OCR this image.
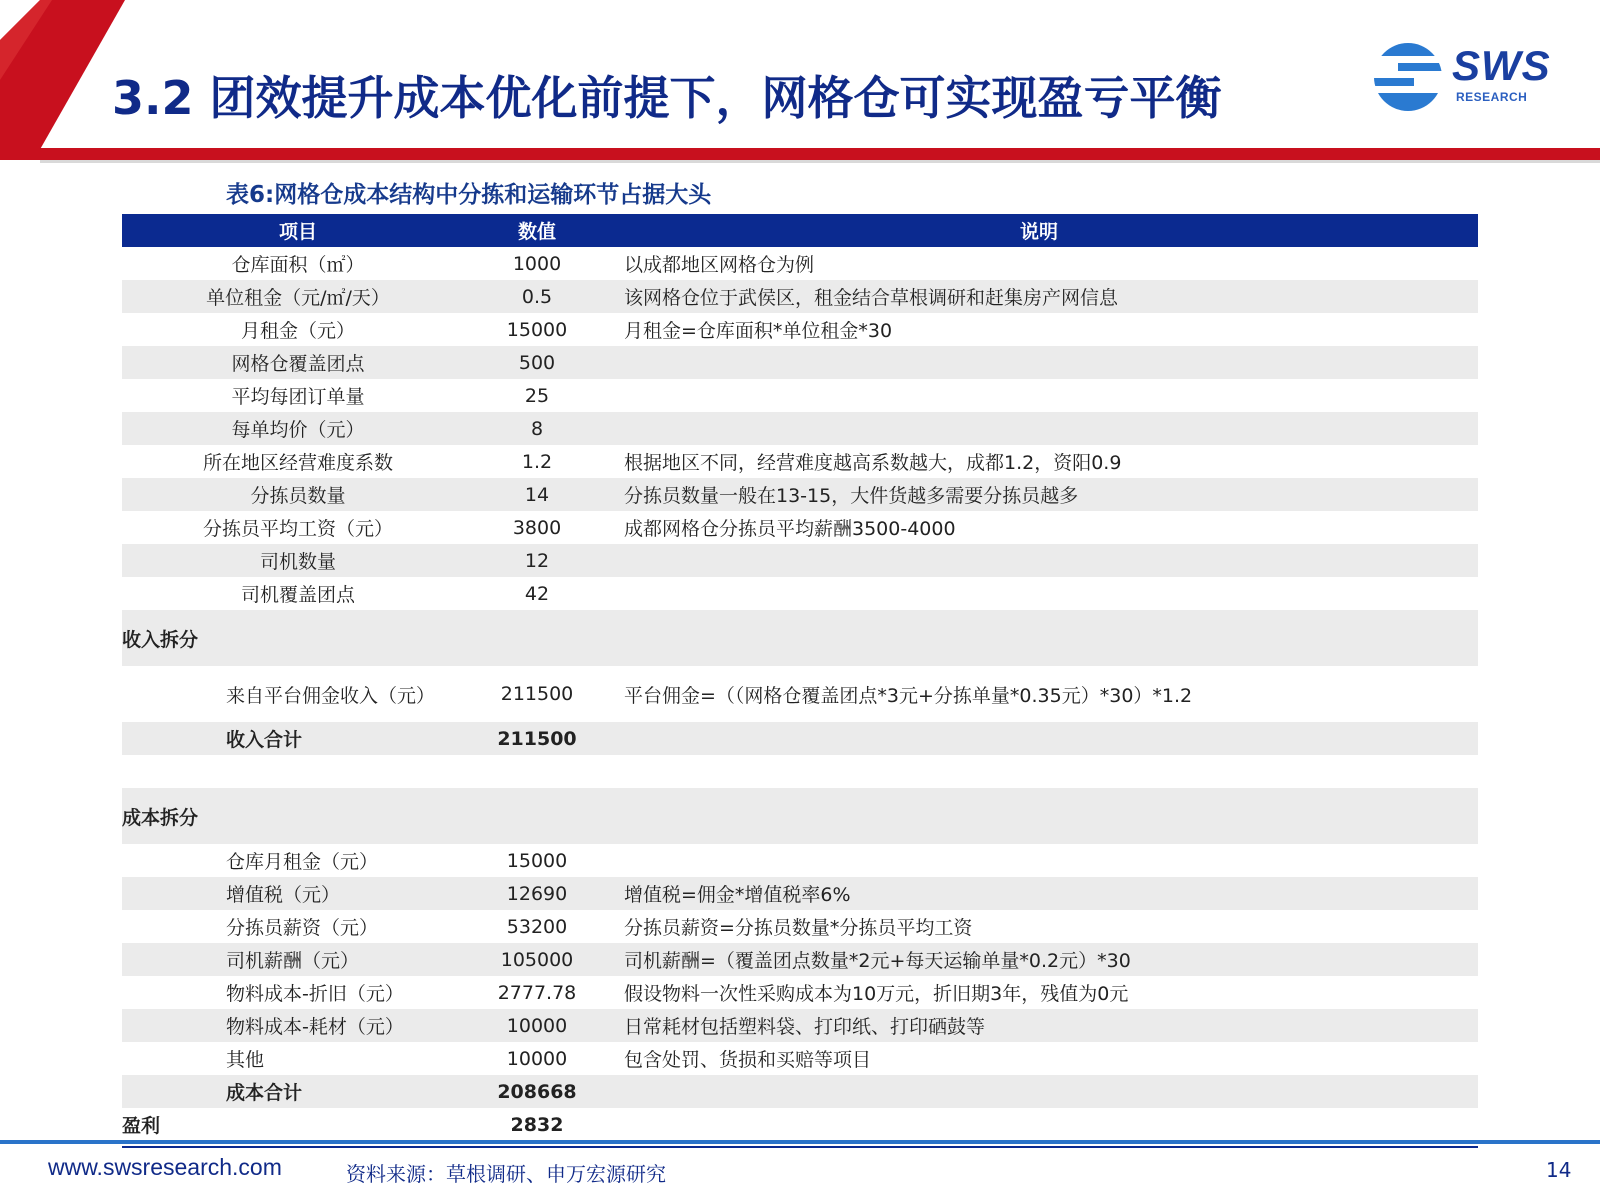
3.2 团效提升成本优化前提下，网格仓可实现盈亏平衡
SWS
RESEARCH
表6:网格仓成本结构中分拣和运输环节占据大头
项目	数值	说明
仓库面积（㎡）	1000	以成都地区网格仓为例
单位租金（元/㎡/天）	0.5	该网格仓位于武侯区，租金结合草根调研和赶集房产网信息
月租金（元）	15000	月租金=仓库面积*单位租金*30
网格仓覆盖团点	500
平均每团订单量	25
每单均价（元）	8
所在地区经营难度系数	1.2	根据地区不同，经营难度越高系数越大，成都1.2，资阳0.9
分拣员数量	14	分拣员数量一般在13-15，大件货越多需要分拣员越多
分拣员平均工资（元）	3800	成都网格仓分拣员平均薪酬3500-4000
司机数量	12
司机覆盖团点	42
收入拆分
来自平台佣金收入（元）	211500	平台佣金=（（网格仓覆盖团点*3元+分拣单量*0.35元）*30）*1.2
收入合计	211500
成本拆分
仓库月租金（元）	15000
增值税（元）	12690	增值税=佣金*增值税率6%
分拣员薪资（元）	53200	分拣员薪资=分拣员数量*分拣员平均工资
司机薪酬（元）	105000	司机薪酬=（覆盖团点数量*2元+每天运输单量*0.2元）*30
物料成本-折旧（元）	2777.78	假设物料一次性采购成本为10万元，折旧期3年，残值为0元
物料成本-耗材（元）	10000	日常耗材包括塑料袋、打印纸、打印硒鼓等
其他	10000	包含处罚、货损和买赔等项目
成本合计	208668
盈利	2832
www.swsresearch.com	资料来源：草根调研、申万宏源研究	14
